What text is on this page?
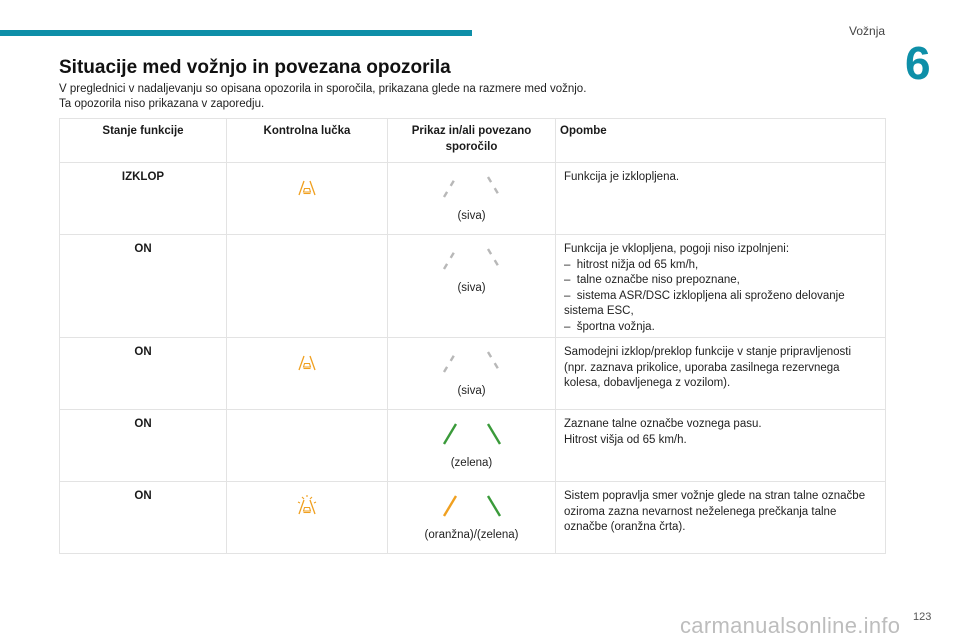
Vožnja
6
Situacije med vožnjo in povezana opozorila

V preglednici v nadaljevanju so opisana opozorila in sporočila, prikazana glede na razmere med vožnjo.

Ta opozorila niso prikazana v zaporedju.

Stanje funkcije	Kontrolna lučka	Prikaz in/ali povezano sporočilo	Opombe
IZKLOP		(siva)	Funkcija je izklopljena.

ON		(siva)	Funkcija je vklopljena, pogoji niso izpolnjeni:
–  hitrost nižja od 65 km/h,
–  talne označbe niso prepoznane,
–  sistema ASR/DSC izklopljena ali sproženo delovanje sistema ESC,
–  športna vožnja.

ON		(siva)	Samodejni izklop/preklop funkcije v stanje pripravljenosti (npr. zaznava prikolice, uporaba zasilnega rezervnega kolesa, dobavljenega z vozilom).

ON		(zelena)	Zaznane talne označbe voznega pasu.
Hitrost višja od 65 km/h.

ON		(oranžna)/(zelena)	Sistem popravlja smer vožnje glede na stran talne označbe oziroma zazna nevarnost neželenega prečkanja talne označbe (oranžna črta).
carmanualsonline.info 123
